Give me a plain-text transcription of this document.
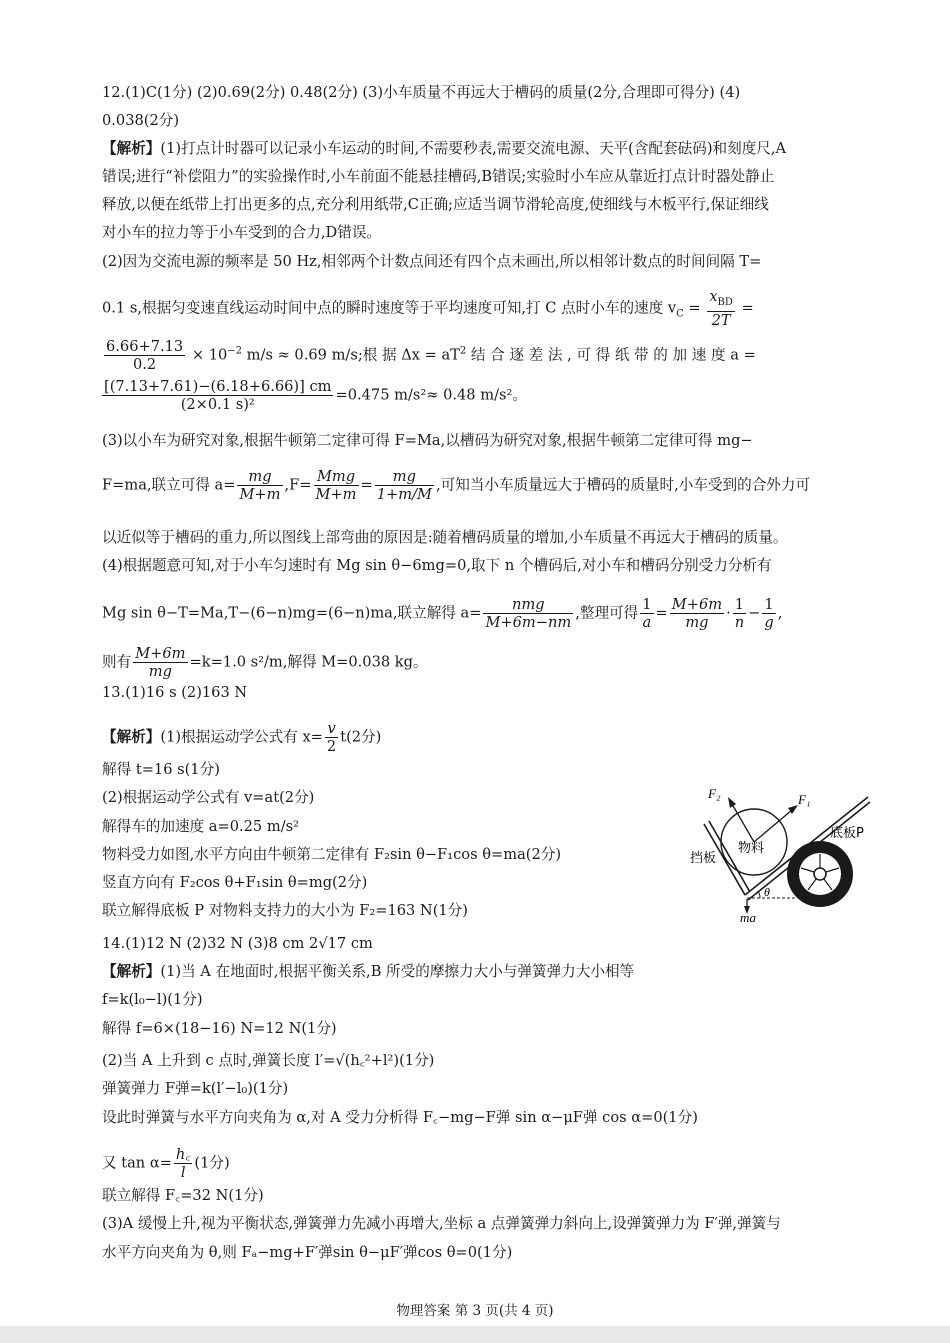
12.(1)C(1分) (2)0.69(2分) 0.48(2分) (3)小车质量不再远大于槽码的质量(2分,合理即可得分) (4)
0.038(2分)
【解析】(1)打点计时器可以记录小车运动的时间,不需要秒表,需要交流电源、天平(含配套砝码)和刻度尺,A
错误;进行“补偿阻力”的实验操作时,小车前面不能悬挂槽码,B错误;实验时小车应从靠近打点计时器处静止
释放,以便在纸带上打出更多的点,充分利用纸带,C正确;应适当调节滑轮高度,使细线与木板平行,保证细线
对小车的拉力等于小车受到的合力,D错误。
(2)因为交流电源的频率是 50 Hz,相邻两个计数点间还有四个点未画出,所以相邻计数点的时间间隔 T=
0.1 s,根据匀变速直线运动时间中点的瞬时速度等于平均速度可知,打 C 点时小车的速度 $v_C = \frac{x_{BD}}{2T}$ =
$\frac{6.66+7.13}{0.2} \times 10^{-2}$ m/s ≈ 0.69 m/s;根 据 $\Delta x = aT^2$ 结 合 逐 差 法 , 可 得 纸 带 的 加 速 度 a =
$\frac{[(7.13+7.61)-(6.18+6.66)] cm}{\text{(2×0.1 s)²}} =0.475$ m/s²≈ 0.48 m/s²。
(3)以小车为研究对象,根据牛顿第二定律可得 F=Ma,以槽码为研究对象,根据牛顿第二定律可得 mg−
F=ma,联立可得 $a= \frac{mg}{M+m} ,F= \frac{\text{Mmg}}{M+m} = \frac{mg}{1+m/M}$ ,可知当小车质量远大于槽码的质量时,小车受到的合外力可
以近似等于槽码的重力,所以图线上部弯曲的原因是:随着槽码质量的增加,小车质量不再远大于槽码的质量。
(4)根据题意可知,对于小车匀速时有 Mg sin θ−6mg=0,取下 n 个槽码后,对小车和槽码分别受力分析有
Mg sin θ−T=Ma,T−(6−n)mg=(6−n)ma,联立解得 $a= \frac{\text{nmg}}{M+6m-nm}$ ,整理可得 $\frac{1}{a} = \frac{M+6m}{mg} \cdot \frac{1}{n} - \frac{1}{g}$ ,
则有 $\frac{M+6m}{mg} =k=1.0$ s²/m,解得 M=0.038 kg。
13.(1)16 s (2)163 N
【解析】(1)根据运动学公式有 $x= \frac{v}{2} t(2$分)
解得 t=16 s(1分)
(2)根据运动学公式有 v=at(2分)
解得车的加速度 a=0.25 m/s²
物料受力如图,水平方向由牛顿第二定律有 F₂sin θ−F₁cos θ=ma(2分)
竖直方向有 F₂cos θ+F₁sin θ=mg(2分)
联立解得底板 P 对物料支持力的大小为 F₂=163 N(1分)
F₂	F₁
底板P
挡板
物料
θ
mg
14.(1)12 N (2)32 N (3)8 cm 2√17 cm
【解析】(1)当 A 在地面时,根据平衡关系,B 所受的摩擦力大小与弹簧弹力大小相等
f=k(l₀−l)(1分)
解得 f=6×(18−16) N=12 N(1分)
(2)当 A 上升到 c 点时,弹簧长度 l′=√(h꜀²+l²)(1分)
弹簧弹力 F弹=k(l′−l₀)(1分)
设此时弹簧与水平方向夹角为 α,对 A 受力分析得 F꜀−mg−F弹 sin α−μF弹 cos α=0(1分)
又 $\tan \alpha= \frac{h꜀}{l} (1$分)
联立解得 F꜀=32 N(1分)
(3)A 缓慢上升,视为平衡状态,弹簧弹力先减小再增大,坐标 a 点弹簧弹力斜向上,设弹簧弹力为 F′弹,弹簧与
水平方向夹角为 θ,则 Fₐ−mg+F′弹sin θ−μF′弹cos θ=0(1分)
物理答案 第 3 页(共 4 页)
